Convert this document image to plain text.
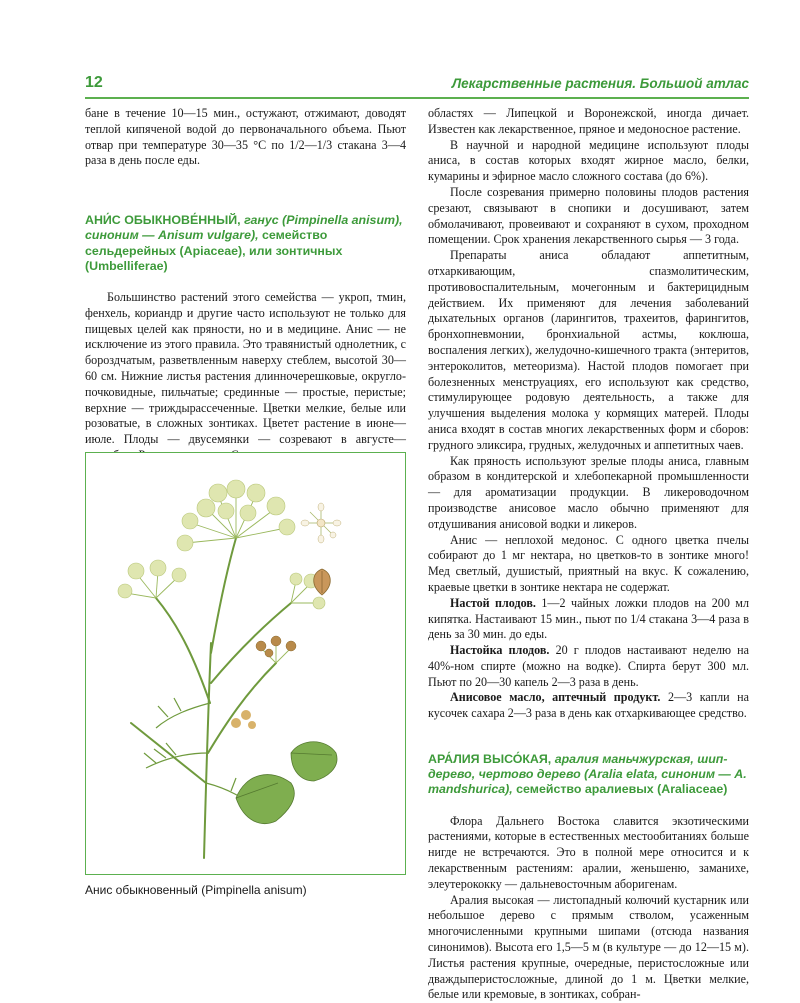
12	Лекарственные растения. Большой атлас

бане в течение 10—15 мин., остужают, отжимают, доводят теплой кипяченой водой до первоначального объема. Пьют отвар при температуре 30—35 °С по 1/2—1/3 стакана 3—4 раза в день после еды.

АНИ́С ОБЫКНОВЕ́ННЫЙ, ганус (Pimpinella anisum), синоним — Anisum vulgare), семейство сельдерейных (Apiaceae), или зонтичных (Umbelliferae)

Большинство растений этого семейства — укроп, тмин, фенхель, кориандр и другие часто используют не только для пищевых целей как пряности, но и в медицине. Анис — не исключение из этого правила. Это травянистый однолетник, с бороздчатым, разветвленным наверху стеблем, высотой 30—60 см. Нижние листья растения длинночерешковые, округло-почковидные, пильчатые; срединные — простые, перистые; верхние — триждырассеченные. Цветки мелкие, белые или розоватые, в сложных зонтиках. Цветет растение в июне—июле. Плоды — двусемянки — созревают в августе—

Анис обыкновенный (Pimpinella anisum)

областях — Липецкой и Воронежской, иногда дичает. Известен как лекарственное, пряное и медоносное растение.

В научной и народной медицине используют плоды аниса, в состав которых входят жирное масло, белки, кумарины и эфирное масло сложного состава (до 6%).

После созревания примерно половины плодов растения срезают, связывают в снопики и досушивают, затем обмолачивают, провеивают и сохраняют в сухом, проходном помещении. Срок хранения лекарственного сырья — 3 года.

Препараты аниса обладают аппетитным, отхаркивающим, спазмолитическим, противовоспалительным, мочегонным и бактерицидным действием. Их применяют для лечения заболеваний дыхательных органов (ларингитов, трахеитов, фарингитов, бронхопневмонии, бронхиальной астмы, коклюша, воспаления легких), желудочно-кишечного тракта (энтеритов, энтероколитов, метеоризма). Настой плодов помогает при болезненных менструациях, его используют как средство, стимулирующее родовую деятельность, а также для улучшения выделения молока у кормящих матерей. Плоды аниса входят в состав многих лекарственных форм и сборов: грудного эликсира, грудных, желудочных и аппетитных чаев.

Как пряность используют зрелые плоды аниса, главным образом в кондитерской и хлебопекарной промышленности — для ароматизации продукции. В ликероводочном производстве анисовое масло обычно применяют для отдушивания анисовой водки и ликеров.

Анис — неплохой медонос. С одного цветка пчелы собирают до 1 мг нектара, но цветков-то в зонтике много! Мед светлый, душистый, приятный на вкус. К сожалению, краевые цветки в зонтике нектара не содержат.

Настой плодов. 1—2 чайных ложки плодов на 200 мл кипятка. Настаивают 15 мин., пьют по 1/4 стакана 3—4 раза в день за 30 мин. до еды.

Настойка плодов. 20 г плодов настаивают неделю на 40%-ном спирте (можно на водке). Спирта берут 300 мл. Пьют по 20—30 капель 2—3 раза в день.

Анисовое масло, аптечный продукт. 2—3 капли на кусочек сахара 2—3 раза в день как отхаркивающее средство.

АРА́ЛИЯ ВЫСО́КАЯ, аралия маньчжурская, шип-дерево, чертово дерево (Aralia elata, синоним — A. mandshurica), семейство аралиевых (Araliaceae)

Флора Дальнего Востока славится экзотическими растениями, которые в естественных местообитаниях больше нигде не встречаются. Это в полной мере относится и к лекарственным растениям: аралии, женьшеню, заманихе, элеутерококку — дальневосточным аборигенам.

Аралия высокая — листопадный колючий кустарник или небольшое дерево с прямым стволом, усаженным многочисленными крупными шипами (отсюда названия синонимов). Высота его 1,5—5 м (в культуре — до 12—15 м). Листья растения крупные, очередные, перистосложные или дваждыперистосложные, длиной до 1 м. Цветки мелкие, белые или кремовые, в зонтиках, собран-
